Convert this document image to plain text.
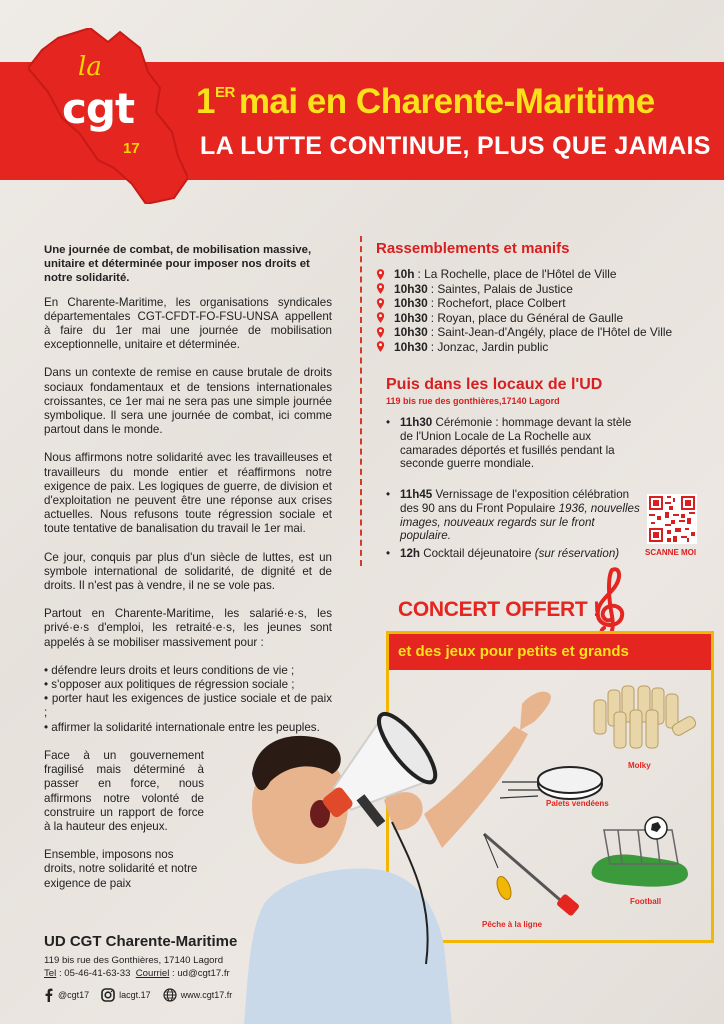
la
cgt
17
1ER mai en Charente-Maritime
LA LUTTE CONTINUE, PLUS QUE JAMAIS
Une journée de combat, de mobilisation massive, unitaire et déterminée pour imposer nos droits et notre solidarité.

En Charente-Maritime, les organisations syndicales départementales CGT-CFDT-FO-FSU-UNSA appellent à faire du 1er mai une journée de mobilisation exceptionnelle, unitaire et déterminée.

Dans un contexte de remise en cause brutale de droits sociaux fondamentaux et de tensions internationales croissantes, ce 1er mai ne sera pas une simple journée symbolique. Il sera une journée de combat, ici comme partout dans le monde.

Nous affirmons notre solidarité avec les travailleuses et travailleurs du monde entier et réaffirmons notre exigence de paix. Les logiques de guerre, de division et d'exploitation ne peuvent être une réponse aux crises actuelles. Nous refusons toute régression sociale et toute tentative de banalisation du travail le 1er mai.

Ce jour, conquis par plus d'un siècle de luttes, est un symbole international de solidarité, de dignité et de droits. Il n'est pas à vendre, il ne se vole pas.

Partout en Charente-Maritime, les salarié·e·s, les privé·e·s d'emploi, les retraité·e·s, les jeunes sont appelés à se mobiliser massivement pour :

• défendre leurs droits et leurs conditions de vie ;
• s'opposer aux politiques de régression sociale ;
• porter haut les exigences de justice sociale et de paix ;
• affirmer la solidarité internationale entre les peuples.

Face à un gouvernement fragilisé mais déterminé à passer en force, nous affirmons notre volonté de construire un rapport de force à la hauteur des enjeux.

Ensemble, imposons nos droits, notre solidarité et notre exigence de paix

Rassemblements et manifs
10h : La Rochelle, place de l'Hôtel de Ville
10h30 : Saintes, Palais de Justice
10h30 : Rochefort, place Colbert
10h30 : Royan, place du Général de Gaulle
10h30 : Saint-Jean-d'Angély, place de l'Hôtel de Ville
10h30 : Jonzac, Jardin public
Puis dans les locaux de l'UD
119 bis rue des gonthières,17140 Lagord
• 11h30 Cérémonie : hommage devant la stèle de l'Union Locale de La Rochelle aux camarades déportés et fusillés pendant la seconde guerre mondiale.
• 11h45 Vernissage de l'exposition célébration des 90 ans du Front Populaire 1936, nouvelles images, nouveaux regards sur le front populaire.
• 12h Cocktail déjeunatoire (sur réservation)	SCANNE MOI
CONCERT OFFERT !
et des jeux pour petits et grands
Molky
Palets vendéens
Football
Pêche à la ligne
UD CGT Charente-Maritime
119 bis rue des Gonthières, 17140 Lagord
Tel : 05-46-41-63-33 Courriel : ud@cgt17.fr
@cgt17	lacgt.17	www.cgt17.fr
